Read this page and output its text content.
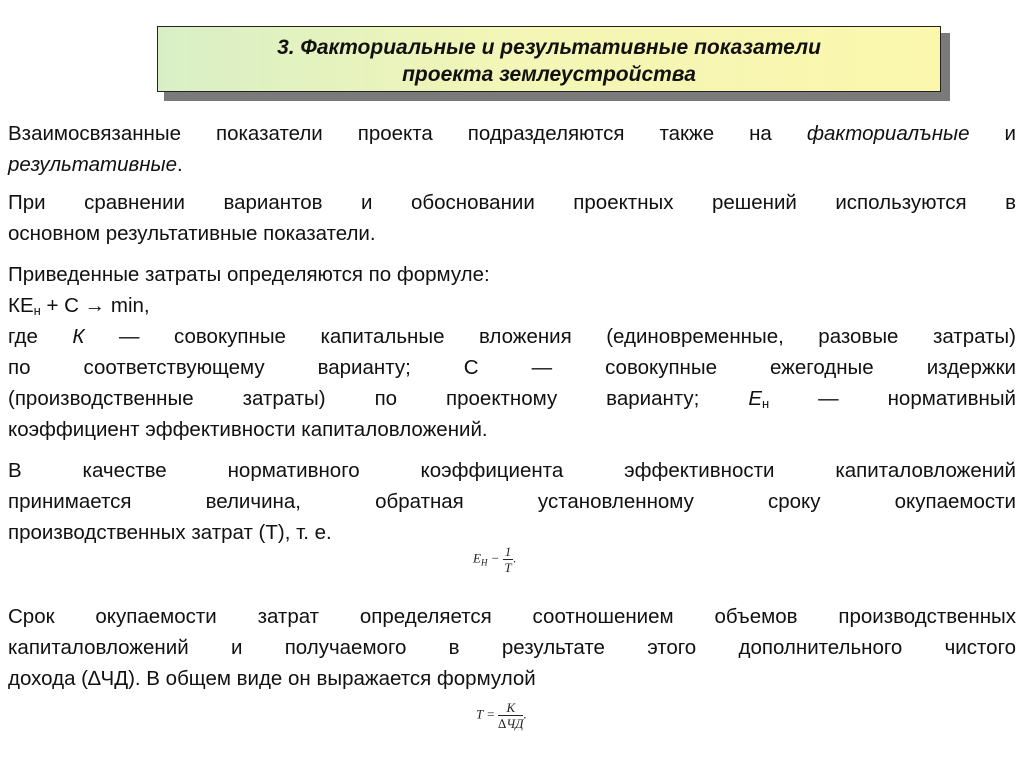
3. Факториальные и результативные показатели
проекта землеустройства
Взаимосвязанные показатели проекта подразделяются также на факториалъные и
результативные.
При сравнении вариантов и обосновании проектных решений используются в
основном результативные показатели.
Приведенные затраты определяются по формуле:
$КЕ_н + С \to \min$,
где К — совокупные капитальные вложения (единовременные, разовые затраты)
по соответствующему варианту; С — совокупные ежегодные издержки
(производственные затраты) по проектному варианту; $Е_н$ — нормативный
коэффициент эффективности капиталовложений.
В качестве нормативного коэффициента эффективности капиталовложений
принимается величина, обратная установленному сроку окупаемости
производственных затрат (Т), т. е.
$E_Н - \frac{1}{T}$ .
Срок окупаемости затрат определяется соотношением объемов производственных
капиталовложений и получаемого в результате этого дополнительного чистого
дохода (∆ЧД). В общем виде он выражается формулой
$T = \frac{K}{\Delta ЧД}$ .
